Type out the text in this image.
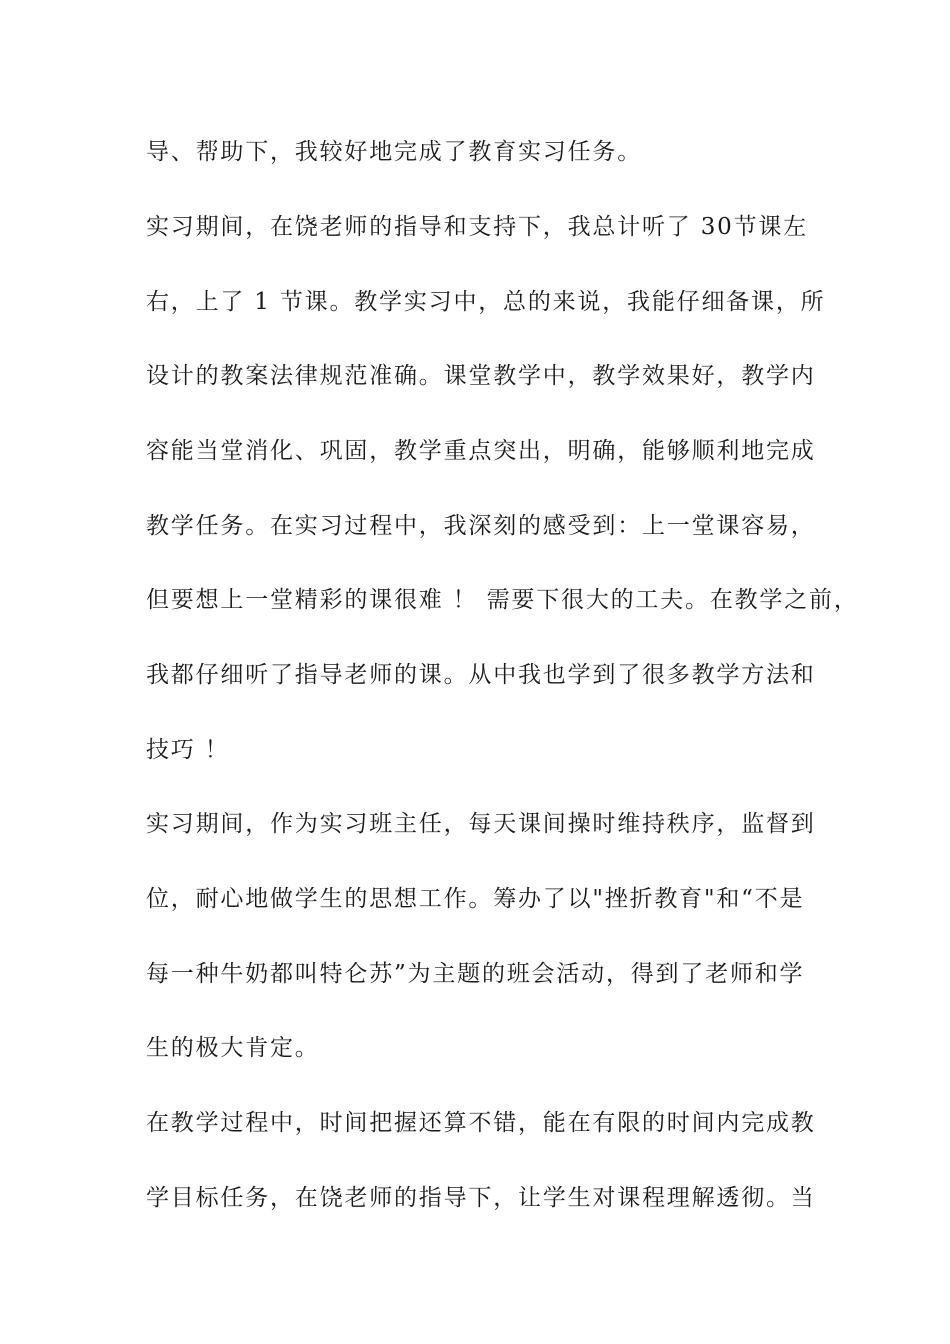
导、帮助下，我较好地完成了教育实习任务。
实习期间，在饶老师的指导和支持下，我总计听了 30节课左
右，上了 1 节课。教学实习中，总的来说，我能仔细备课，所
设计的教案法律规范准确。课堂教学中，教学效果好，教学内
容能当堂消化、巩固，教学重点突出，明确，能够顺利地完成
教学任务。在实习过程中，我深刻的感受到：上一堂课容易，
但要想上一堂精彩的课很难 ！ 需要下很大的工夫。在教学之前，
我都仔细听了指导老师的课。从中我也学到了很多教学方法和
技巧 ！
实习期间，作为实习班主任，每天课间操时维持秩序，监督到
位，耐心地做学生的思想工作。筹办了以"挫折教育"和“不是
每一种牛奶都叫特仑苏”为主题的班会活动，得到了老师和学
生的极大肯定。
在教学过程中，时间把握还算不错，能在有限的时间内完成教
学目标任务，在饶老师的指导下，让学生对课程理解透彻。当
